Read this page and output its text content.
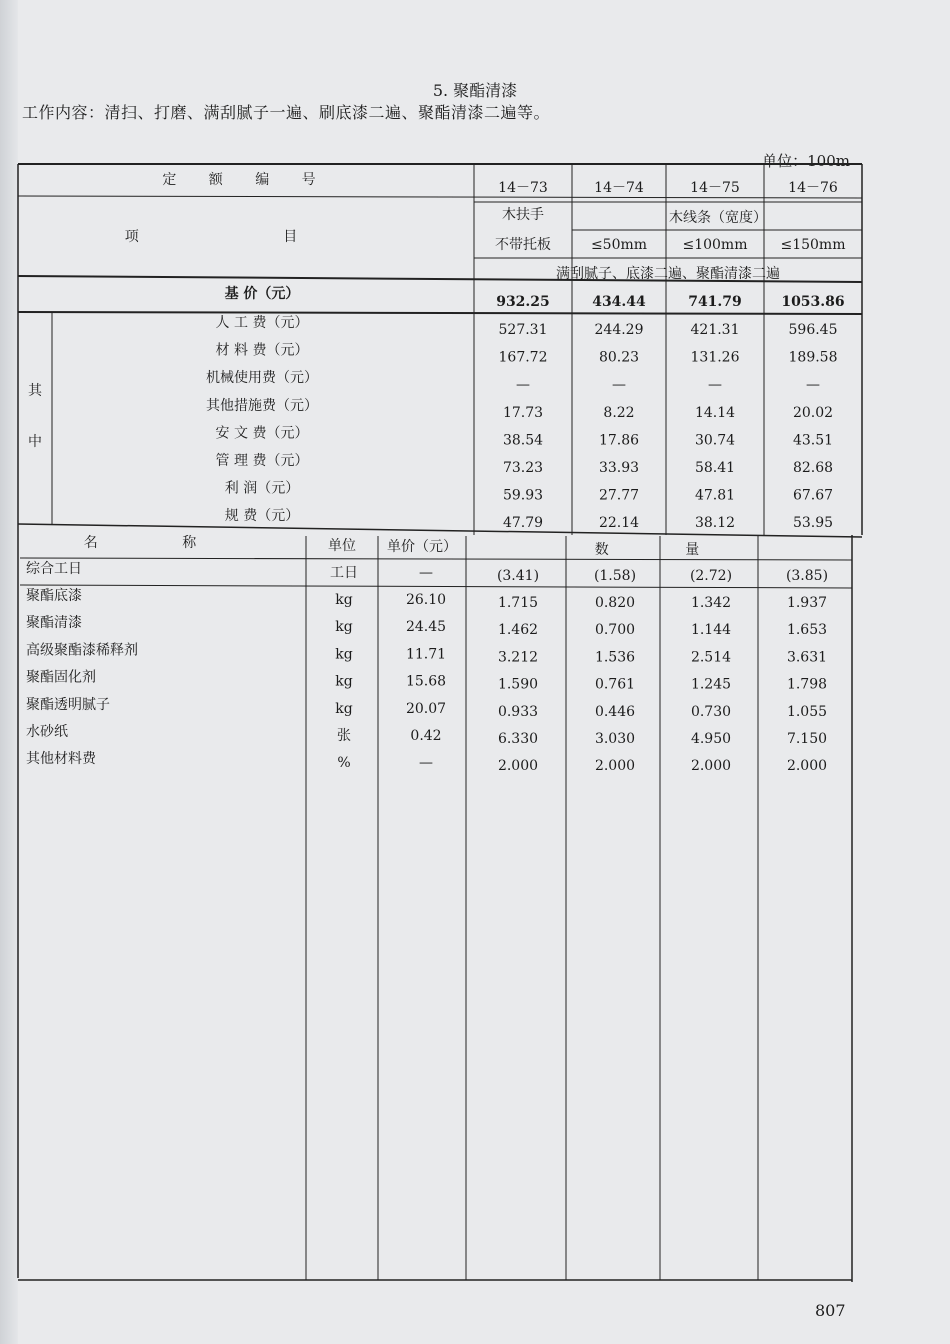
5. 聚酯清漆
工作内容：清扫、打磨、满刮腻子一遍、刷底漆二遍、聚酯清漆二遍等。
单位：100m
807
定 额 编 号
项 目
14－73	14－74	14－75	14－76
木扶手	木线条（宽度）
不带托板	≤50mm	≤100mm ≤150mm
满刮腻子、底漆二遍、聚酯清漆二遍
基 价（元）	932.25	434.44	741.79	1053.86
其
中
人 工 费（元）	527.31	244.29	421.31	596.45
材 料 费（元）	167.72	80.23	131.26	189.58
机械使用费（元）	—	—	—	—
其他措施费（元）	17.73	8.22	14.14	20.02
安 文 费（元）	38.54	17.86	30.74	43.51
管 理 费（元）	73.23	33.93	58.41	82.68
利 润（元）	59.93	27.77	47.81	67.67
规 费（元）	47.79	22.14	38.12	53.95
名 称	单位 单价（元）	数 量
综合工日	工日	—	(3.41)	(1.58)	(2.72)	(3.85)
聚酯底漆	kg	26.10	1.715	0.820	1.342	1.937
聚酯清漆	kg	24.45	1.462	0.700	1.144	1.653
高级聚酯漆稀释剂	kg	11.71	3.212	1.536	2.514	3.631
聚酯固化剂	kg	15.68	1.590	0.761	1.245	1.798
聚酯透明腻子	kg	20.07	0.933	0.446	0.730	1.055
水砂纸	张	0.42	6.330	3.030	4.950	7.150
其他材料费	%	—	2.000	2.000	2.000	2.000
